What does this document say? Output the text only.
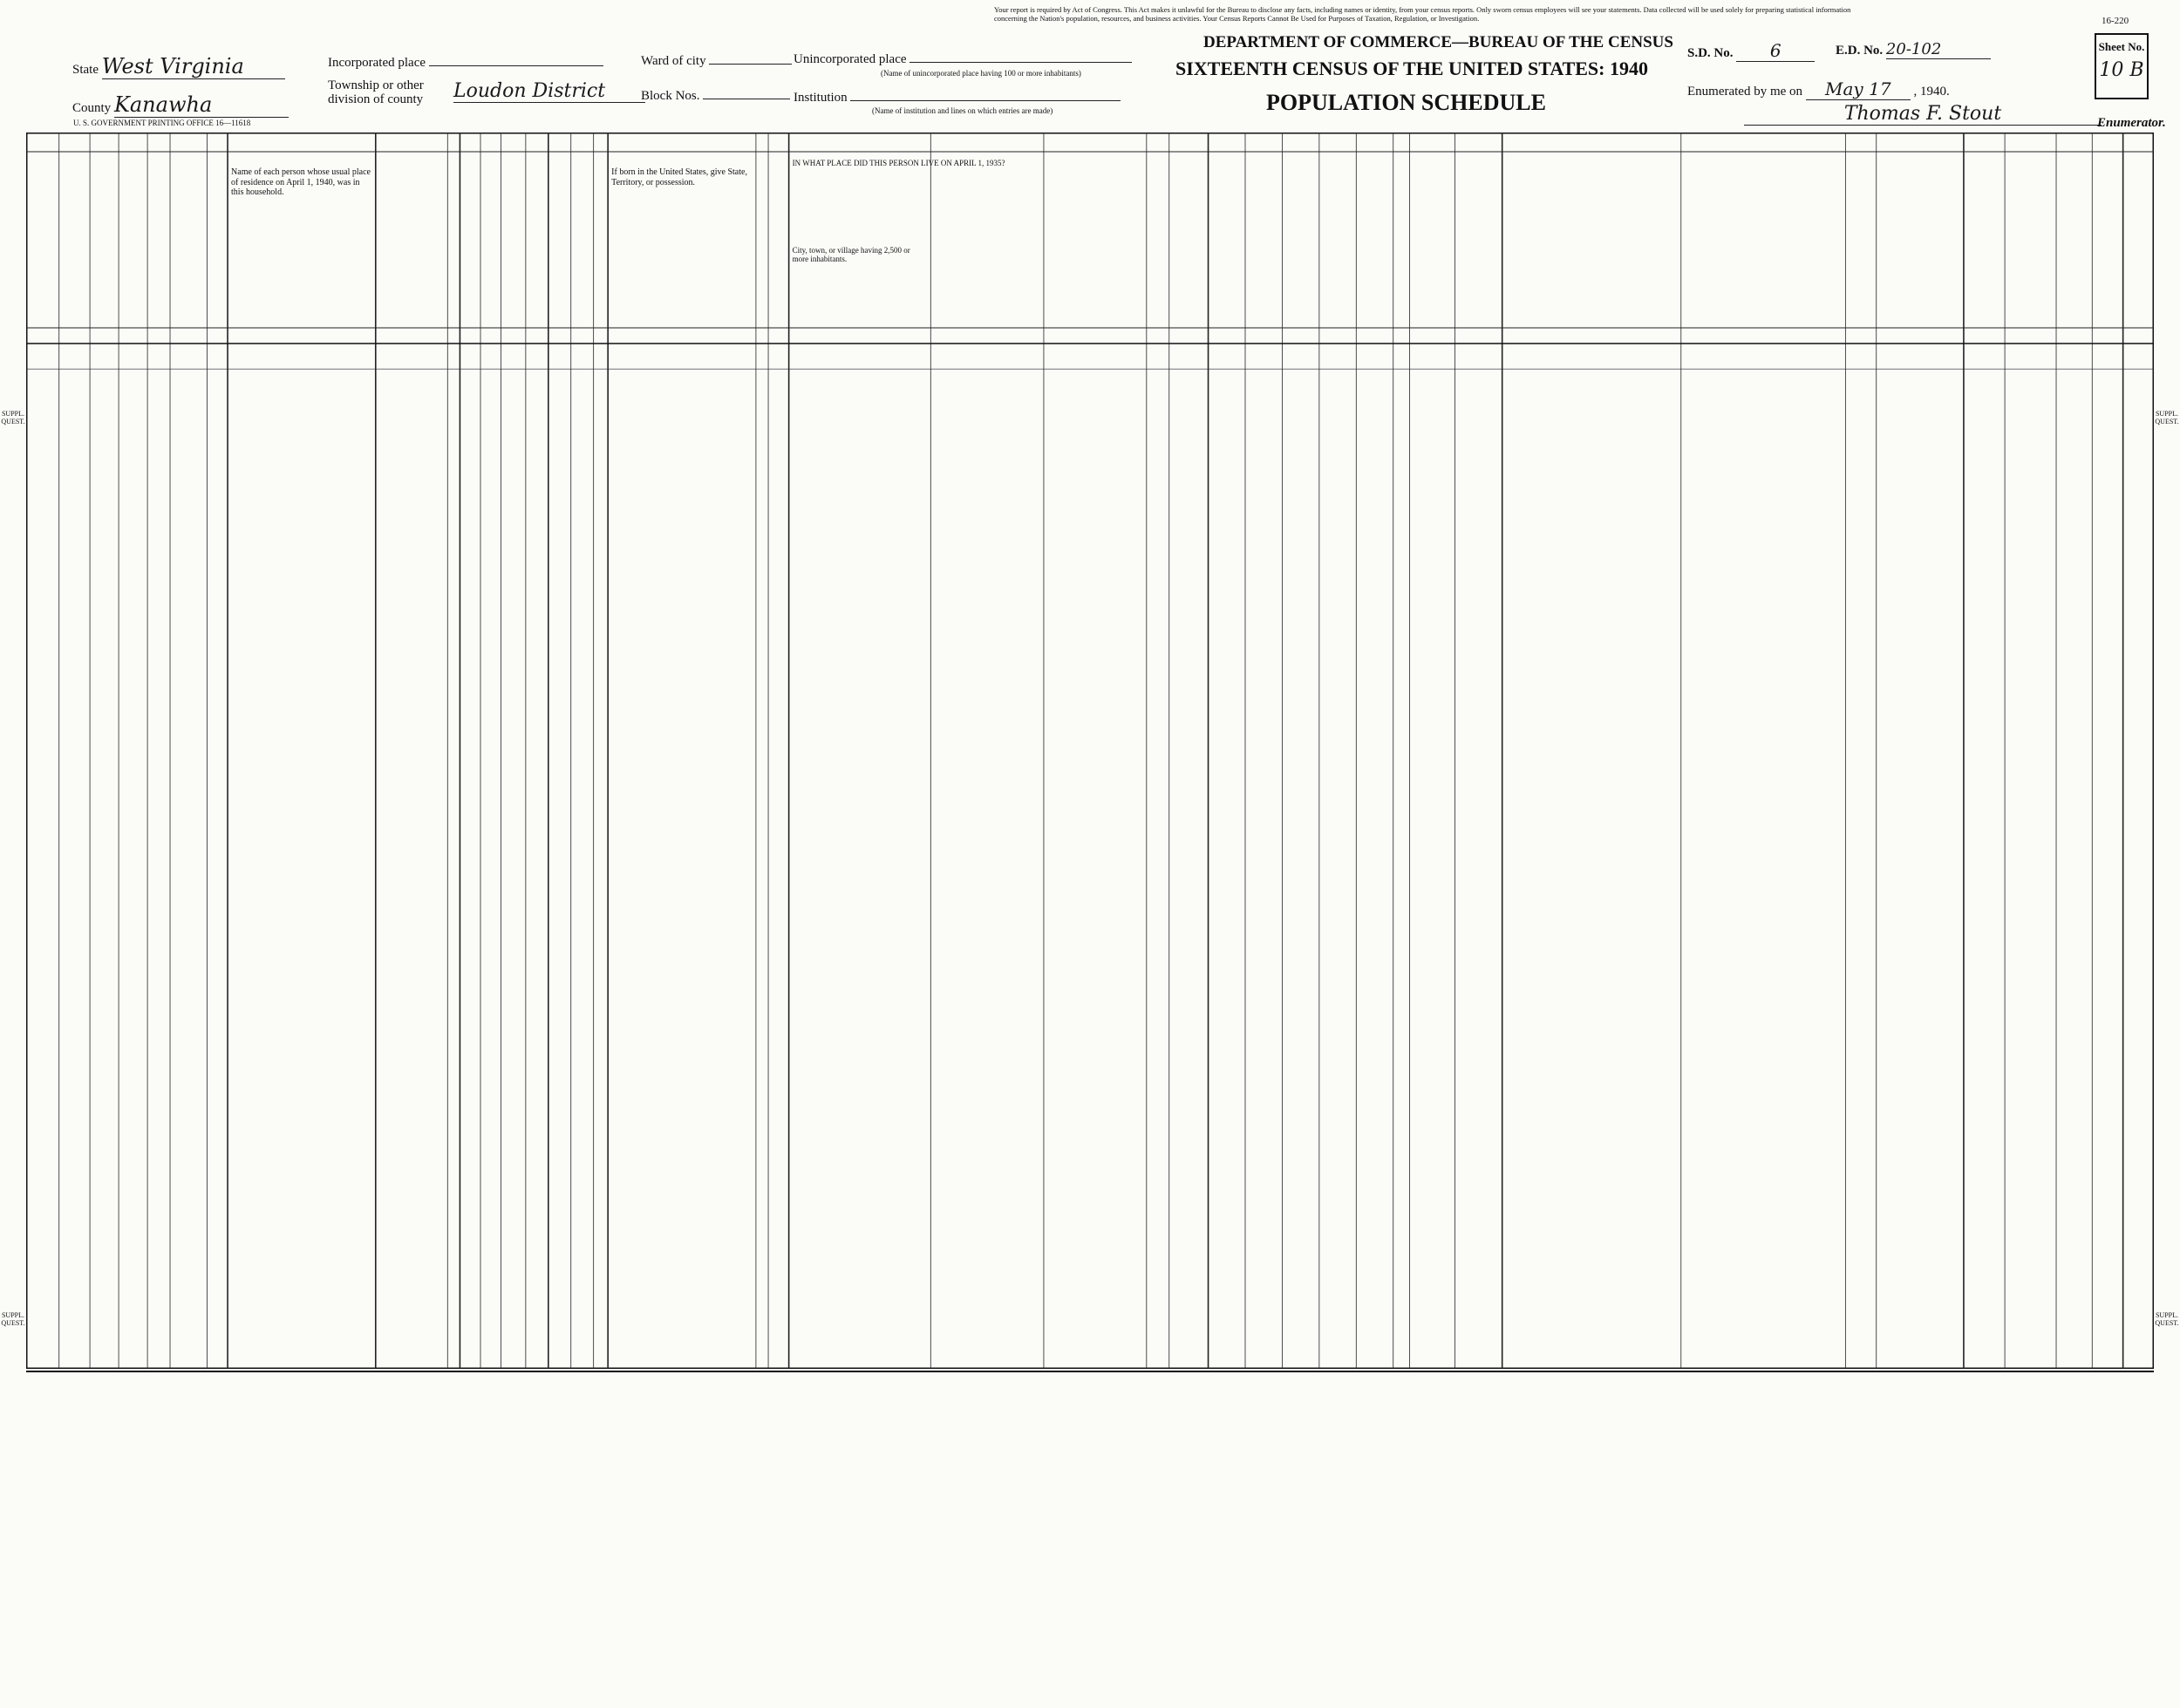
Your report is required by Act of Congress. This Act makes it unlawful for the Bureau to disclose any facts, including names or identity, from your census reports. Only sworn census employees will see your statements. Data collected will be used solely for preparing statistical information concerning the Nation's population, resources, and business activities. Your Census Reports Cannot Be Used for Purposes of Taxation, Regulation, or Investigation.	16-220
DEPARTMENT OF COMMERCE—BUREAU OF THE CENSUS
SIXTEENTH CENSUS OF THE UNITED STATES: 1940
POPULATION SCHEDULE
State West Virginia
County Kanawha
U. S. GOVERNMENT PRINTING OFFICE 16—11618
Incorporated place
Township or other division of county	Loudon District
Ward of city
Block Nos.
Unincorporated place
(Name of unincorporated place having 100 or more inhabitants)
Institution
(Name of institution and lines on which entries are made)
S.D. No. 6	E.D. No. 20-102	Sheet No.
10 B
Enumerated by me on May 17 , 1940.
Thomas F. Stout	Enumerator.
SUPPL. QUEST.
SUPPL. QUEST.
SUPPL. QUEST.
SUPPL. QUEST.
Name of each person whose usual place of residence on April 1, 1940, was in this household.
If born in the United States, give State, Territory, or possession.
IN WHAT PLACE DID THIS PERSON LIVE ON APRIL 1, 1935?
City, town, or village having 2,500 or more inhabitants.
